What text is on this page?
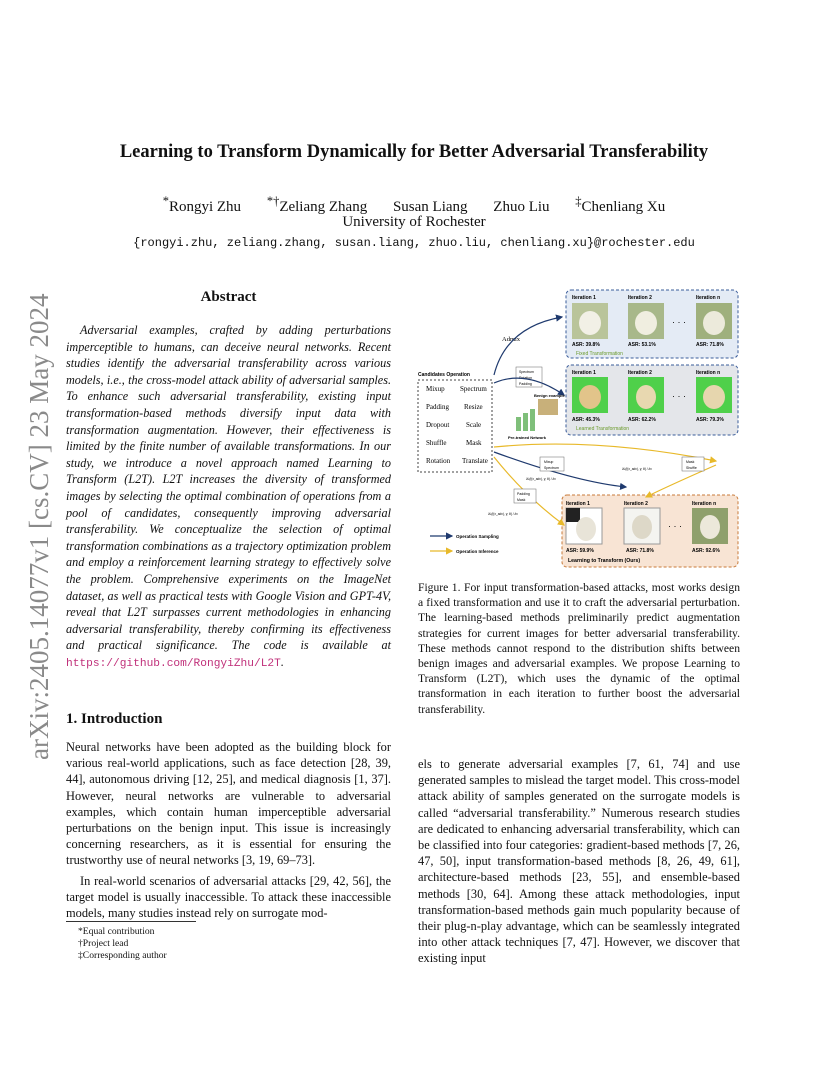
arXiv:2405.14077v1 [cs.CV] 23 May 2024
Learning to Transform Dynamically for Better Adversarial Transferability
*Rongyi Zhu *†Zeliang Zhang Susan Liang Zhuo Liu ‡Chenliang Xu
University of Rochester
{rongyi.zhu, zeliang.zhang, susan.liang, zhuo.liu, chenliang.xu}@rochester.edu
Abstract
Adversarial examples, crafted by adding perturbations imperceptible to humans, can deceive neural networks. Recent studies identify the adversarial transferability across various models, i.e., the cross-model attack ability of adversarial samples. To enhance such adversarial transferability, existing input transformation-based methods diversify input data with transformation augmentation. However, their effectiveness is limited by the finite number of available transformations. In our study, we introduce a novel approach named Learning to Transform (L2T). L2T increases the diversity of transformed images by selecting the optimal combination of operations from a pool of candidates, consequently improving adversarial transferability. We conceptualize the selection of optimal transformation combinations as a trajectory optimization problem and employ a reinforcement learning strategy to effectively solve the problem. Comprehensive experiments on the ImageNet dataset, as well as practical tests with Google Vision and GPT-4V, reveal that L2T surpasses current methodologies in enhancing adversarial transferability, thereby confirming its effectiveness and practical significance. The code is available at https://github.com/RongyiZhu/L2T.
1. Introduction

Neural networks have been adopted as the building block for various real-world applications, such as face detection [28, 39, 44], autonomous driving [12, 25], and medical diagnosis [1, 37]. However, neural networks are vulnerable to adversarial examples, which contain human imperceptible adversarial perturbations on the benign input. This issue is increasingly concerning researchers, as it is essential for ensuring the trustworthy use of neural networks [3, 19, 69–73].

In real-world scenarios of adversarial attacks [29, 42, 56], the target model is usually inaccessible. To attack these inaccessible models, many studies instead rely on surrogate mod-

*Equal contribution
†Project lead
‡Corresponding author
Iteration 1	Iteration 2	Iteration n
· · ·
ASR: 39.8%	ASR: 53.1%	ASR: 71.8%
Fixed Transformation
Iteration 1	Iteration 2	Iteration n
· · ·
ASR: 45.3%	ASR: 62.2%	ASR: 79.3%
Learned Transformation
Iteration 1	Iteration 2	Iteration n
· · ·
ASR: 59.9%	ASR: 71.8%	ASR: 92.6%
Learning to Transform (Ours)
Candidates Operation
Mixup Spectrum
Padding Resize
Dropout Scale
Shuffle	Mask
Rotation Translate
Admix
Spectrum
Rotation
Padding
Benign example
Pre-trained Network
Mixup
Spectrum
∂L(f(x_adv), y; θ) / ∂x
Padding
Mask
∂L(f(x_adv), y; θ) / ∂x
Mask
Shuffle
∂L(f(x_adv), y; θ) / ∂x
Operation Sampling
Operation Inference
Figure 1. For input transformation-based attacks, most works design a fixed transformation and use it to craft the adversarial perturbation. The learning-based methods preliminarily predict augmentation strategies for current images for better adversarial transferability. These methods cannot respond to the distribution shifts between benign images and adversarial examples. We propose Learning to Transform (L2T), which uses the dynamic of the optimal transformation in each iteration to further boost the adversarial transferability.
els to generate adversarial examples [7, 61, 74] and use generated samples to mislead the target model. This cross-model attack ability of samples generated on the surrogate models is called “adversarial transferability.” Numerous research studies are dedicated to enhancing adversarial transferability, which can be classified into four categories: gradient-based methods [7, 26, 47, 50], input transformation-based methods [8, 26, 49, 61], architecture-based methods [23, 55], and ensemble-based methods [30, 64]. Among these attack methodologies, input transformation-based methods gain much popularity because of their plug-n-play advantage, which can be seamlessly integrated into other attack techniques [7, 47]. However, we discover that existing input
